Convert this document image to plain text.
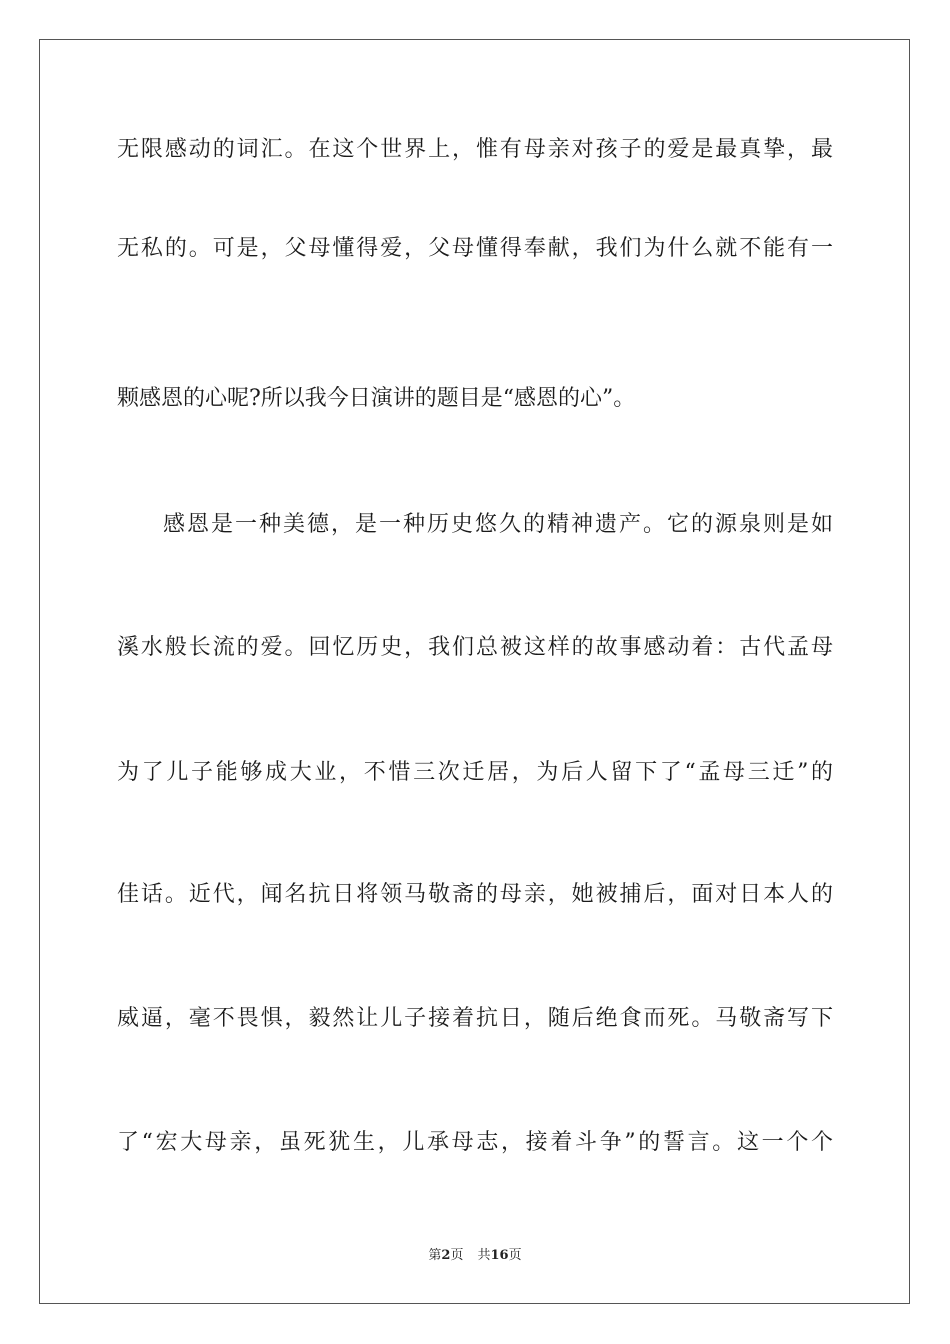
无限感动的词汇。在这个世界上，惟有母亲对孩子的爱是最真挚，最
无私的。可是，父母懂得爱，父母懂得奉献，我们为什么就不能有一
颗感恩的心呢?所以我今日演讲的题目是“感恩的心”。
感恩是一种美德，是一种历史悠久的精神遗产。它的源泉则是如
溪水般长流的爱。回忆历史，我们总被这样的故事感动着：古代孟母
为了儿子能够成大业，不惜三次迁居，为后人留下了“孟母三迁”的
佳话。近代，闻名抗日将领马敬斋的母亲，她被捕后，面对日本人的
威逼，毫不畏惧，毅然让儿子接着抗日，随后绝食而死。马敬斋写下
了“宏大母亲，虽死犹生，儿承母志，接着斗争”的誓言。这一个个
第2页 共16页
